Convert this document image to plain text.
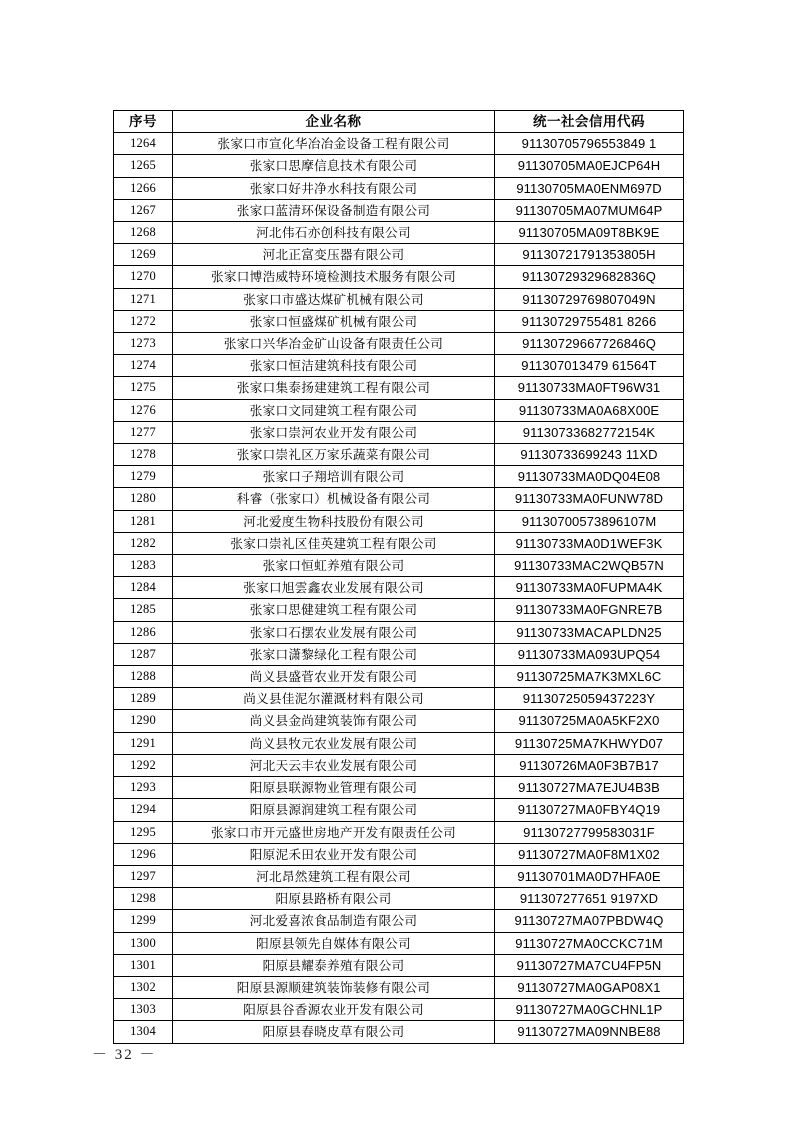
序号	企业名称	统一社会信用代码
1264	张家口市宣化华冶冶金设备工程有限公司	91130705796553849 1
1265	张家口思摩信息技术有限公司	91130705MA0EJCP64H
1266	张家口好井净水科技有限公司	91130705MA0ENM697D
1267	张家口蓝清环保设备制造有限公司	91130705MA07MUM64P
1268	河北伟石亦创科技有限公司	91130705MA09T8BK9E
1269	河北正富变压器有限公司	91130721791353805H
1270	张家口博浩威特环境检测技术服务有限公司	91130729329682836Q
1271	张家口市盛达煤矿机械有限公司	91130729769807049N
1272	张家口恒盛煤矿机械有限公司	91130729755481 8266
1273	张家口兴华冶金矿山设备有限责任公司	91130729667726846Q
1274	张家口恒洁建筑科技有限公司	911307013479 61564T
1275	张家口集泰扬建建筑工程有限公司	91130733MA0FT96W31
1276	张家口文同建筑工程有限公司	91130733MA0A68X00E
1277	张家口崇河农业开发有限公司	91130733682772154K
1278	张家口崇礼区万家乐蔬菜有限公司	91130733699243 11XD
1279	张家口子翔培训有限公司	91130733MA0DQ04E08
1280	科睿（张家口）机械设备有限公司	91130733MA0FUNW78D
1281	河北爱度生物科技股份有限公司	91130700573896107M
1282	张家口崇礼区佳英建筑工程有限公司	91130733MA0D1WEF3K
1283	张家口恒虹养殖有限公司	91130733MAC2WQB57N
1284	张家口旭雲鑫农业发展有限公司	91130733MA0FUPMA4K
1285	张家口思健建筑工程有限公司	91130733MA0FGNRE7B
1286	张家口石摆农业发展有限公司	91130733MACAPLDN25
1287	张家口潇黎绿化工程有限公司	91130733MA093UPQ54
1288	尚义县盛菅农业开发有限公司	91130725MA7K3MXL6C
1289	尚义县佳泥尔灌溉材料有限公司	91130725059437223Y
1290	尚义县金尚建筑装饰有限公司	91130725MA0A5KF2X0
1291	尚义县牧元农业发展有限公司	91130725MA7KHWYD07
1292	河北天云丰农业发展有限公司	91130726MA0F3B7B17
1293	阳原县联源物业管理有限公司	91130727MA7EJU4B3B
1294	阳原县源润建筑工程有限公司	91130727MA0FBY4Q19
1295	张家口市开元盛世房地产开发有限责任公司	91130727799583031F
1296	阳原泥禾田农业开发有限公司	91130727MA0F8M1X02
1297	河北昂然建筑工程有限公司	91130701MA0D7HFA0E
1298	阳原县路桥有限公司	911307277651 9197XD
1299	河北爱喜浓食品制造有限公司	91130727MA07PBDW4Q
1300	阳原县领先自媒体有限公司	91130727MA0CCKC71M
1301	阳原县耀泰养殖有限公司	91130727MA7CU4FP5N
1302	阳原县源顺建筑装饰装修有限公司	91130727MA0GAP08X1
1303	阳原县谷香源农业开发有限公司	91130727MA0GCHNL1P
1304	阳原县春晓皮草有限公司	91130727MA09NNBE88
－ 32 －
